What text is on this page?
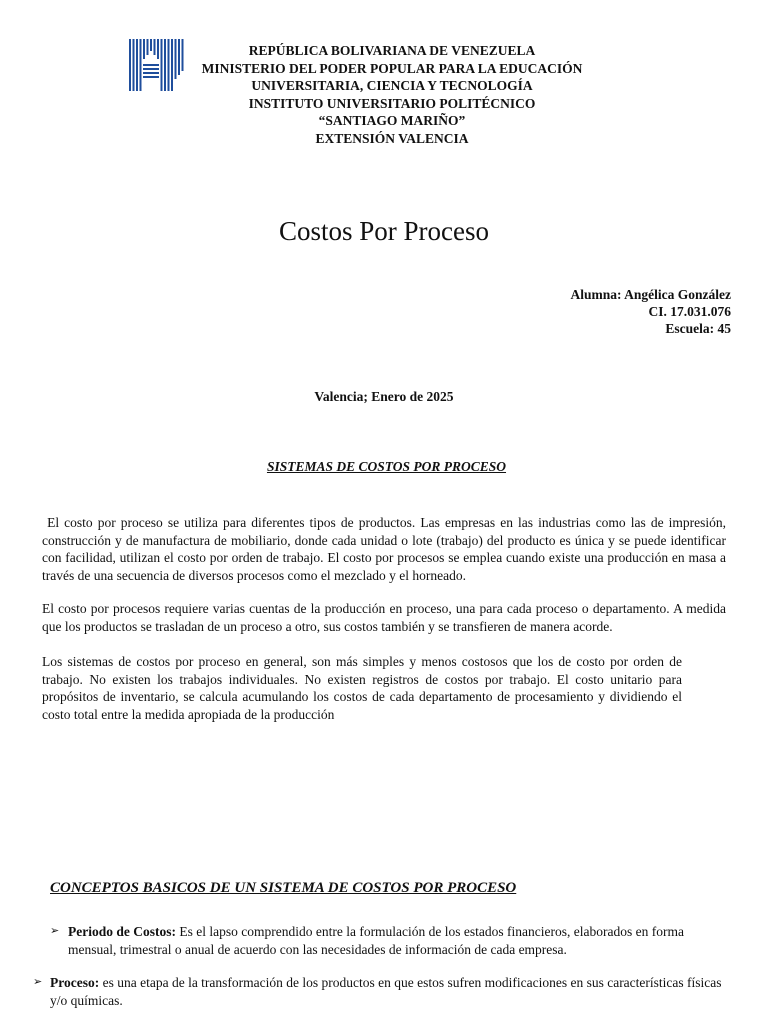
REPÚBLICA BOLIVARIANA DE VENEZUELA
MINISTERIO DEL PODER POPULAR PARA LA EDUCACIÓN
UNIVERSITARIA, CIENCIA Y TECNOLOGÍA
INSTITUTO UNIVERSITARIO POLITÉCNICO
“SANTIAGO MARIÑO”
EXTENSIÓN VALENCIA
Costos Por Proceso
Alumna: Angélica González
CI. 17.031.076
Escuela: 45
Valencia; Enero de 2025
SISTEMAS DE COSTOS POR PROCESO
El costo por proceso se utiliza para diferentes tipos de productos. Las empresas en las industrias como las de impresión, construcción y de manufactura de mobiliario, donde cada unidad o lote (trabajo) del producto es única y se puede identificar con facilidad, utilizan el costo por orden de trabajo. El costo por procesos se emplea cuando existe una producción en masa a través de una secuencia de diversos procesos como el mezclado y el horneado.
El costo por procesos requiere varias cuentas de la producción en proceso, una para cada proceso o departamento. A medida que los productos se trasladan de un proceso a otro, sus costos también y se transfieren de manera acorde.
Los sistemas de costos por proceso en general, son más simples y menos costosos que los de costo por orden de trabajo. No existen los trabajos individuales. No existen registros de costos por trabajo. El costo unitario para propósitos de inventario, se calcula acumulando los costos de cada departamento de procesamiento y dividiendo el costo total entre la medida apropiada de la producción
CONCEPTOS BASICOS DE UN SISTEMA DE COSTOS POR PROCESO
➢ Periodo de Costos: Es el lapso comprendido entre la formulación de los estados financieros, elaborados en forma mensual, trimestral o anual de acuerdo con las necesidades de información de cada empresa.
➢ Proceso: es una etapa de la transformación de los productos en que estos sufren modificaciones en sus características físicas y/o químicas.
